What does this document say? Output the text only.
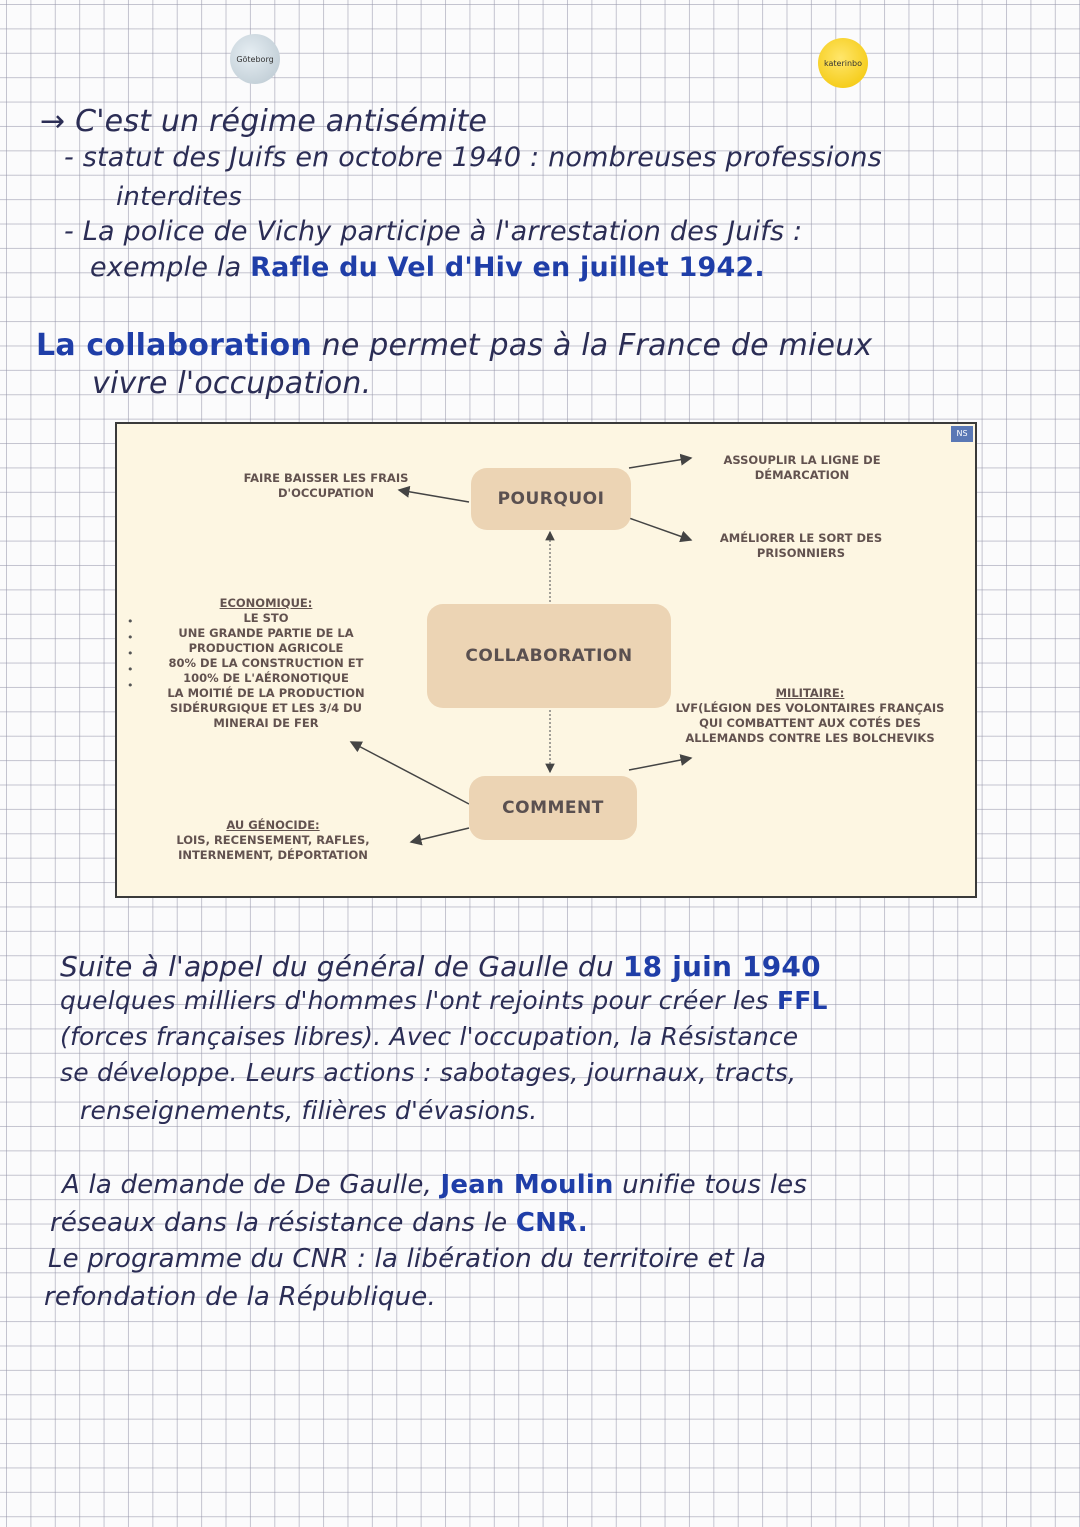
Göteborg	katerinbo
→ C'est un régime antisémite
- statut des Juifs en octobre 1940 : nombreuses professions
interdites
- La police de Vichy participe à l'arrestation des Juifs :
exemple la Rafle du Vel d'Hiv en juillet 1942.
La collaboration ne permet pas à la France de mieux
vivre l'occupation.
NS
POURQUOI
COLLABORATION
COMMENT
FAIRE BAISSER LES FRAIS D'OCCUPATION
ASSOUPLIR LA LIGNE DE DÉMARCATION
AMÉLIORER LE SORT DES PRISONNIERS
•
•
•
•
•
ECONOMIQUE:
LE STO
UNE GRANDE PARTIE DE LA PRODUCTION AGRICOLE
80% DE LA CONSTRUCTION ET 100% DE L'AÉRONOTIQUE
LA MOITIÉ DE LA PRODUCTION SIDÉRURGIQUE ET LES 3/4 DU MINERAI DE FER
MILITAIRE:
LVF(LÉGION DES VOLONTAIRES FRANÇAIS QUI COMBATTENT AUX COTÉS DES ALLEMANDS CONTRE LES BOLCHEVIKS
AU GÉNOCIDE:
LOIS, RECENSEMENT, RAFLES, INTERNEMENT, DÉPORTATION
Suite à l'appel du général de Gaulle du 18 juin 1940
quelques milliers d'hommes l'ont rejoints pour créer les FFL
(forces françaises libres). Avec l'occupation, la Résistance
se développe. Leurs actions : sabotages, journaux, tracts,
renseignements, filières d'évasions.
A la demande de De Gaulle, Jean Moulin unifie tous les
réseaux dans la résistance dans le CNR.
Le programme du CNR : la libération du territoire et la
refondation de la République.
